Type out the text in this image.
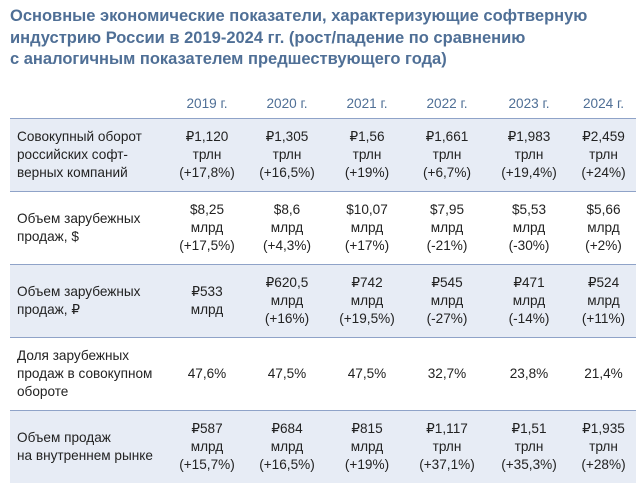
Основные экономические показатели, характеризующие софтверную
индустрию России в 2019-2024 гг. (рост/падение по сравнению
с аналогичным показателем предшествующего года)
	2019 г.	2020 г.	2021 г.	2022 г.	2023 г.	2024 г.

Совокупный оборот
российских софт-
верных компаний	₽1,120
трлн
(+17,8%)	₽1,305
трлн
(+16,5%)	₽1,56
трлн
(+19%)	₽1,661
трлн
(+6,7%)	₽1,983
трлн
(+19,4%)	₽2,459
трлн
(+24%)

Объем зарубежных
продаж, $	$8,25
млрд
(+17,5%)	$8,6
млрд
(+4,3%)	$10,07
млрд
(+17%)	$7,95
млрд
(-21%)	$5,53
млрд
(-30%)	$5,66
млрд
(+2%)

Объем зарубежных
продаж, ₽	₽533
млрд	₽620,5
млрд
(+16%)	₽742
млрд
(+19,5%)	₽545
млрд
(-27%)	₽471
млрд
(-14%)	₽524
млрд
(+11%)

Доля зарубежных
продаж в совокупном
обороте	47,6%	47,5%	47,5%	32,7%	23,8%	21,4%

Объем продаж
на внутреннем рынке	₽587
млрд
(+15,7%)	₽684
млрд
(+16,5%)	₽815
млрд
(+19%)	₽1,117
трлн
(+37,1%)	₽1,51
трлн
(+35,3%)	₽1,935
трлн
(+28%)
